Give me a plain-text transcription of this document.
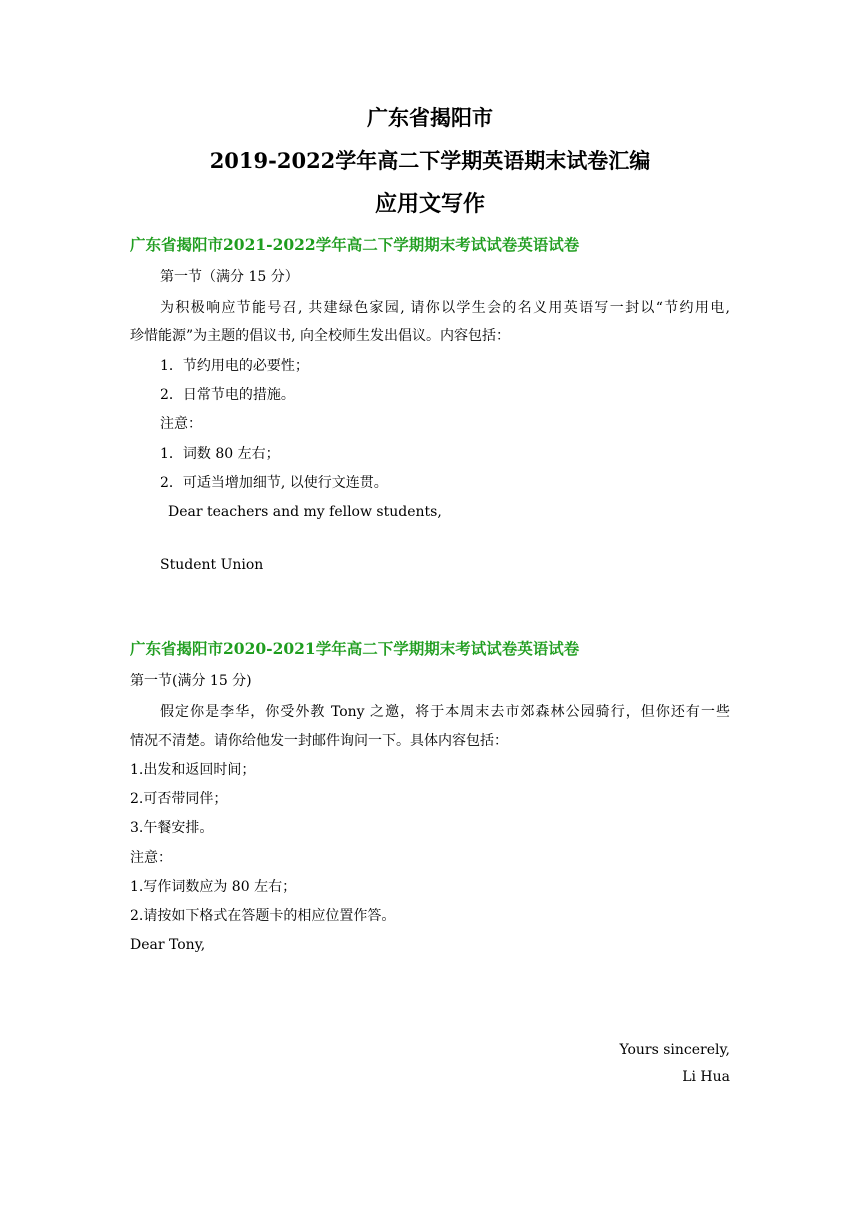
广东省揭阳市
2019-2022学年高二下学期英语期末试卷汇编
应用文写作
广东省揭阳市2021-2022学年高二下学期期末考试试卷英语试卷
第一节（满分 15 分）
为积极响应节能号召, 共建绿色家园, 请你以学生会的名义用英语写一封以“节约用电,
珍惜能源”为主题的倡议书, 向全校师生发出倡议。内容包括：
1．节约用电的必要性；
2．日常节电的措施。
注意：
1．词数 80 左右；
2．可适当增加细节, 以使行文连贯。
Dear teachers and my fellow students,
Student Union
广东省揭阳市2020-2021学年高二下学期期末考试试卷英语试卷
第一节(满分 15 分)
假定你是李华，你受外教 Tony 之邀，将于本周末去市郊森林公园骑行，但你还有一些
情况不清楚。请你给他发一封邮件询问一下。具体内容包括：
1.出发和返回时间；
2.可否带同伴；
3.午餐安排。
注意：
1.写作词数应为 80 左右；
2.请按如下格式在答题卡的相应位置作答。
Dear Tony,
Yours sincerely,
Li Hua
